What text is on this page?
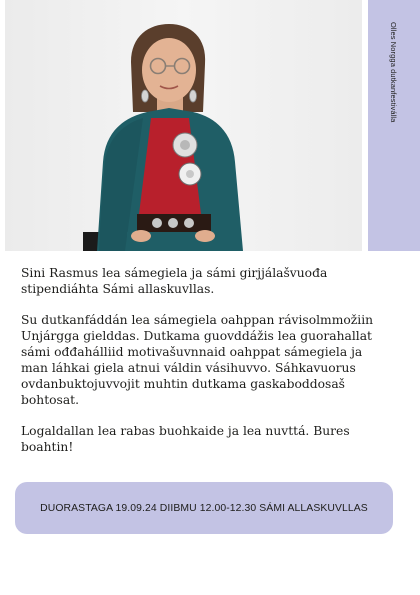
Olles Norgga dutkanfestiválla

Sini Rasmus lea sámegiela ja sámi girjjálašvuođa stipendiáhta Sámi allaskuvllas.

Su dutkanfáddán lea sámegiela oahppan rávisolmmožiin Unjárgga gielddas. Dutkama guovddážis lea guorahallat sámi ođđahálliid motivašuvnnaid oahppat sámegiela ja man láhkai giela atnui váldin vásihuvvo. Sáhkavuorus ovdanbuktojuvvojit muhtin dutkama gaskaboddosaš bohtosat.

Logaldallan lea rabas buohkaide ja lea nuvttá. Bures boahtin!

DUORASTAGA 19.09.24 DIIBMU 12.00-12.30 SÁMI ALLASKUVLLAS
